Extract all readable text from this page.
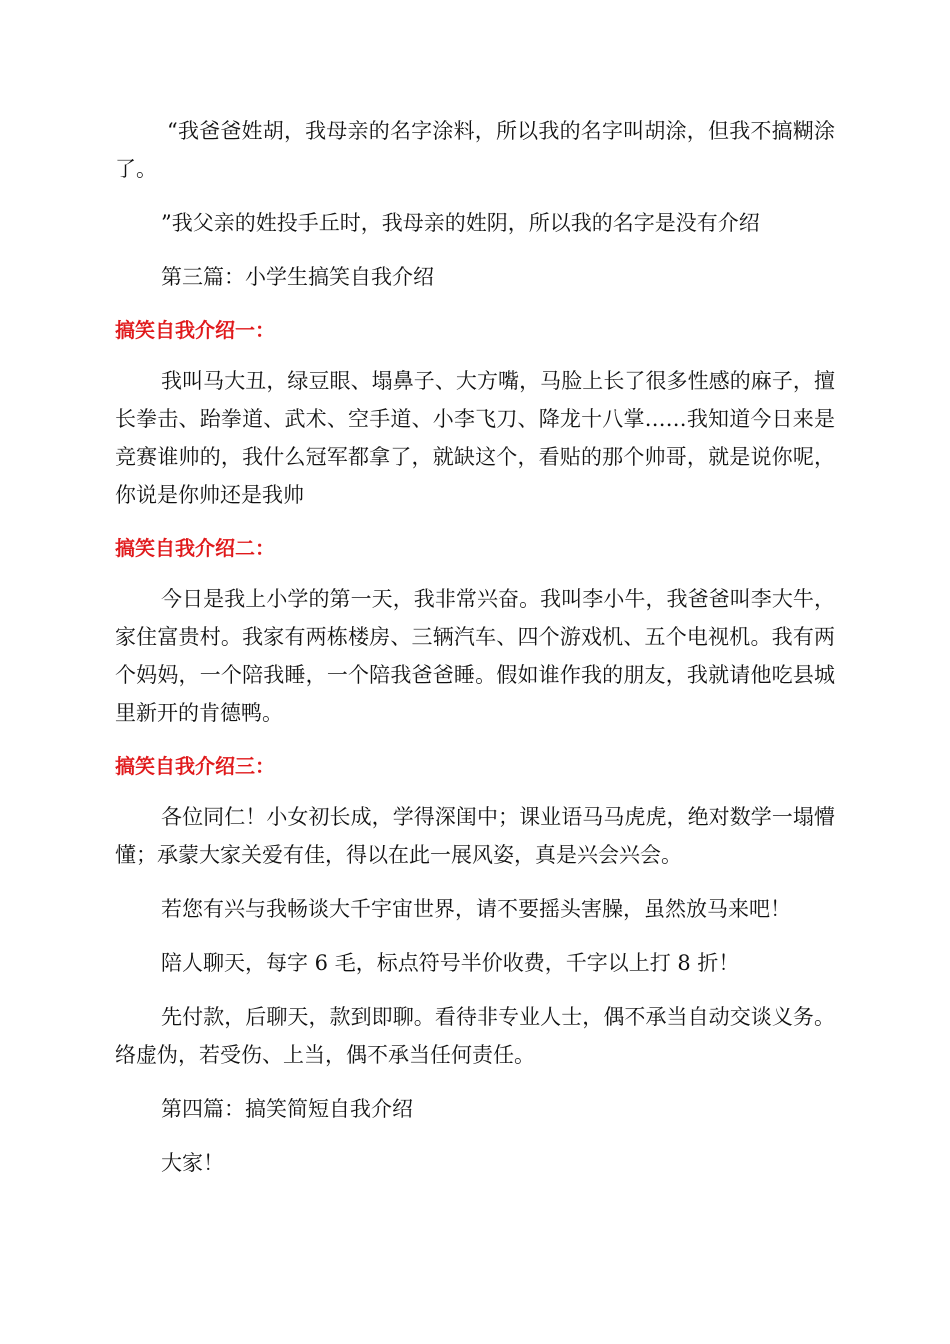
“我爸爸姓胡，我母亲的名字涂料，所以我的名字叫胡涂，但我不搞糊涂了。

”我父亲的姓投手丘时，我母亲的姓阴，所以我的名字是没有介绍

第三篇：小学生搞笑自我介绍

搞笑自我介绍一：

我叫马大丑，绿豆眼、塌鼻子、大方嘴，马脸上长了很多性感的麻子，擅长拳击、跆拳道、武术、空手道、小李飞刀、降龙十八掌……我知道今日来是竞赛谁帅的，我什么冠军都拿了，就缺这个，看贴的那个帅哥，就是说你呢，你说是你帅还是我帅

搞笑自我介绍二：

今日是我上小学的第一天，我非常兴奋。我叫李小牛，我爸爸叫李大牛，家住富贵村。我家有两栋楼房、三辆汽车、四个游戏机、五个电视机。我有两个妈妈，一个陪我睡，一个陪我爸爸睡。假如谁作我的朋友，我就请他吃县城里新开的肯德鸭。

搞笑自我介绍三：

各位同仁！小女初长成，学得深闺中；课业语马马虎虎，绝对数学一塌懵懂；承蒙大家关爱有佳，得以在此一展风姿，真是兴会兴会。

若您有兴与我畅谈大千宇宙世界，请不要摇头害臊，虽然放马来吧！

陪人聊天，每字 6 毛，标点符号半价收费，千字以上打 8 折！

先付款，后聊天，款到即聊。看待非专业人士，偶不承当自动交谈义务。络虚伪，若受伤、上当，偶不承当任何责任。

第四篇：搞笑简短自我介绍

大家！
